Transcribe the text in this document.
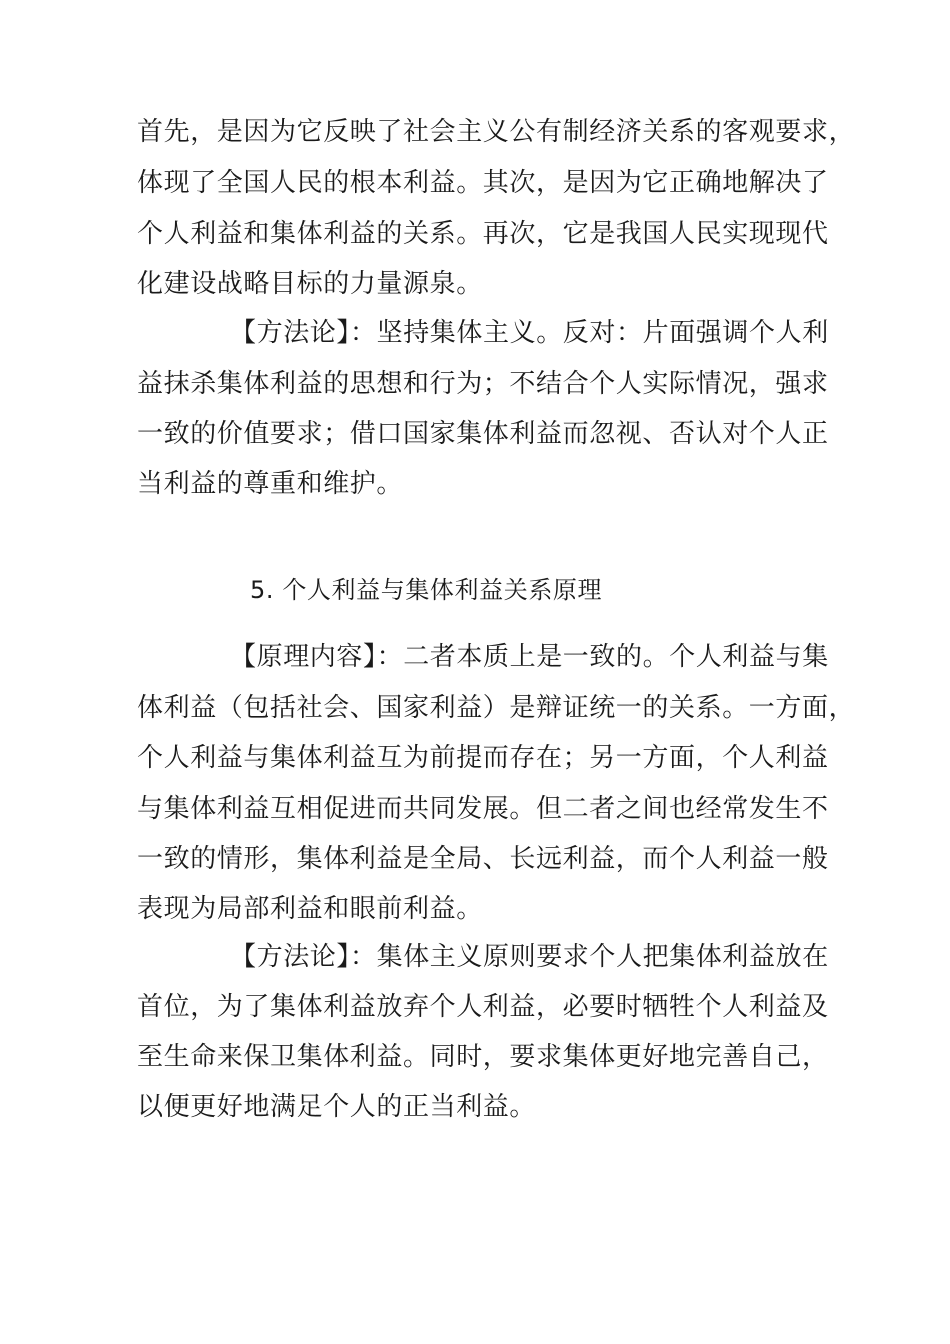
首先，是因为它反映了社会主义公有制经济关系的客观要求，
体现了全国人民的根本利益。其次，是因为它正确地解决了
个人利益和集体利益的关系。再次，它是我国人民实现现代
化建设战略目标的力量源泉。
【方法论】：坚持集体主义。反对：片面强调个人利
益抹杀集体利益的思想和行为；不结合个人实际情况，强求
一致的价值要求；借口国家集体利益而忽视、否认对个人正
当利益的尊重和维护。
5. 个人利益与集体利益关系原理
【原理内容】：二者本质上是一致的。个人利益与集
体利益（包括社会、国家利益）是辩证统一的关系。一方面，
个人利益与集体利益互为前提而存在；另一方面，个人利益
与集体利益互相促进而共同发展。但二者之间也经常发生不
一致的情形，集体利益是全局、长远利益，而个人利益一般
表现为局部利益和眼前利益。
【方法论】：集体主义原则要求个人把集体利益放在
首位，为了集体利益放弃个人利益，必要时牺牲个人利益及
至生命来保卫集体利益。同时，要求集体更好地完善自己，
以便更好地满足个人的正当利益。
